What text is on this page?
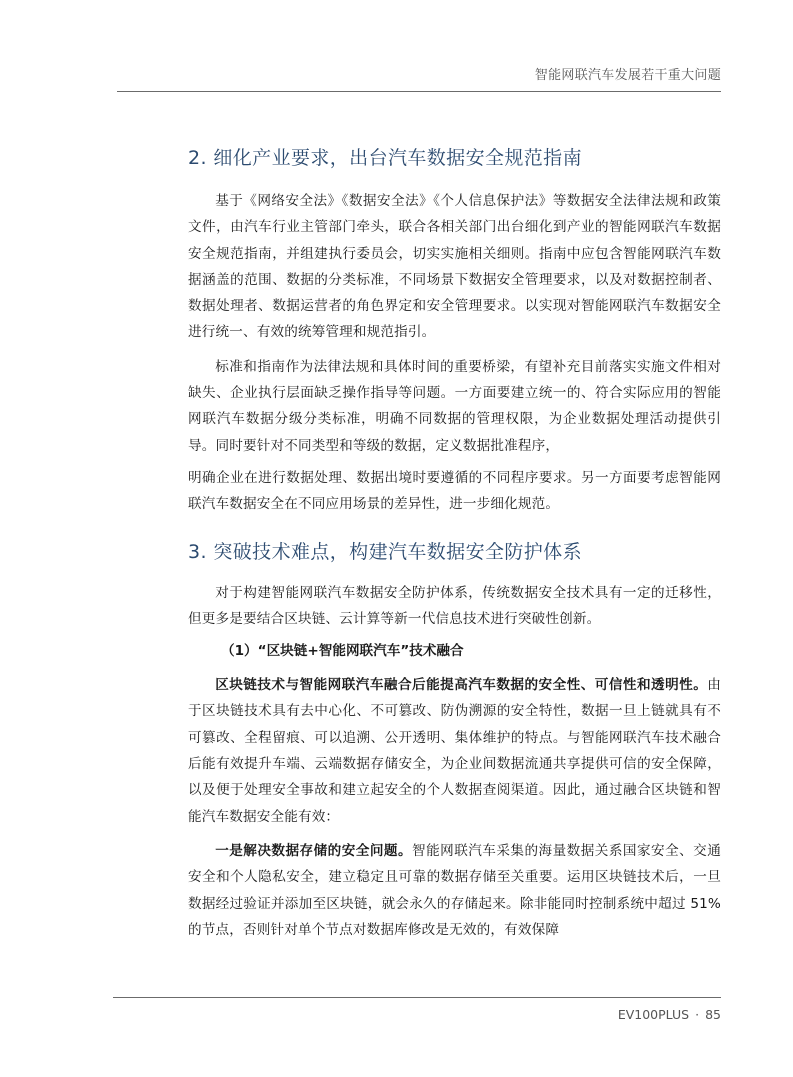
智能网联汽车发展若干重大问题
2. 细化产业要求，出台汽车数据安全规范指南

基于《网络安全法》《数据安全法》《个人信息保护法》等数据安全法律法规和政策文件，由汽车行业主管部门牵头，联合各相关部门出台细化到产业的智能网联汽车数据安全规范指南，并组建执行委员会，切实实施相关细则。指南中应包含智能网联汽车数据涵盖的范围、数据的分类标准，不同场景下数据安全管理要求，以及对数据控制者、数据处理者、数据运营者的角色界定和安全管理要求。以实现对智能网联汽车数据安全进行统一、有效的统筹管理和规范指引。

标准和指南作为法律法规和具体时间的重要桥梁，有望补充目前落实实施文件相对缺失、企业执行层面缺乏操作指导等问题。一方面要建立统一的、符合实际应用的智能网联汽车数据分级分类标准，明确不同数据的管理权限，为企业数据处理活动提供引导。同时要针对不同类型和等级的数据，定义数据批准程序，

明确企业在进行数据处理、数据出境时要遵循的不同程序要求。另一方面要考虑智能网联汽车数据安全在不同应用场景的差异性，进一步细化规范。

3. 突破技术难点，构建汽车数据安全防护体系

对于构建智能网联汽车数据安全防护体系，传统数据安全技术具有一定的迁移性，但更多是要结合区块链、云计算等新一代信息技术进行突破性创新。

（1）“区块链+智能网联汽车”技术融合

区块链技术与智能网联汽车融合后能提高汽车数据的安全性、可信性和透明性。由于区块链技术具有去中心化、不可篡改、防伪溯源的安全特性，数据一旦上链就具有不可篡改、全程留痕、可以追溯、公开透明、集体维护的特点。与智能网联汽车技术融合后能有效提升车端、云端数据存储安全，为企业间数据流通共享提供可信的安全保障，以及便于处理安全事故和建立起安全的个人数据查阅渠道。因此，通过融合区块链和智能汽车数据安全能有效：

一是解决数据存储的安全问题。智能网联汽车采集的海量数据关系国家安全、交通安全和个人隐私安全，建立稳定且可靠的数据存储至关重要。运用区块链技术后，一旦数据经过验证并添加至区块链，就会永久的存储起来。除非能同时控制系统中超过 51%的节点，否则针对单个节点对数据库修改是无效的，有效保障

EV100PLUS · 85
